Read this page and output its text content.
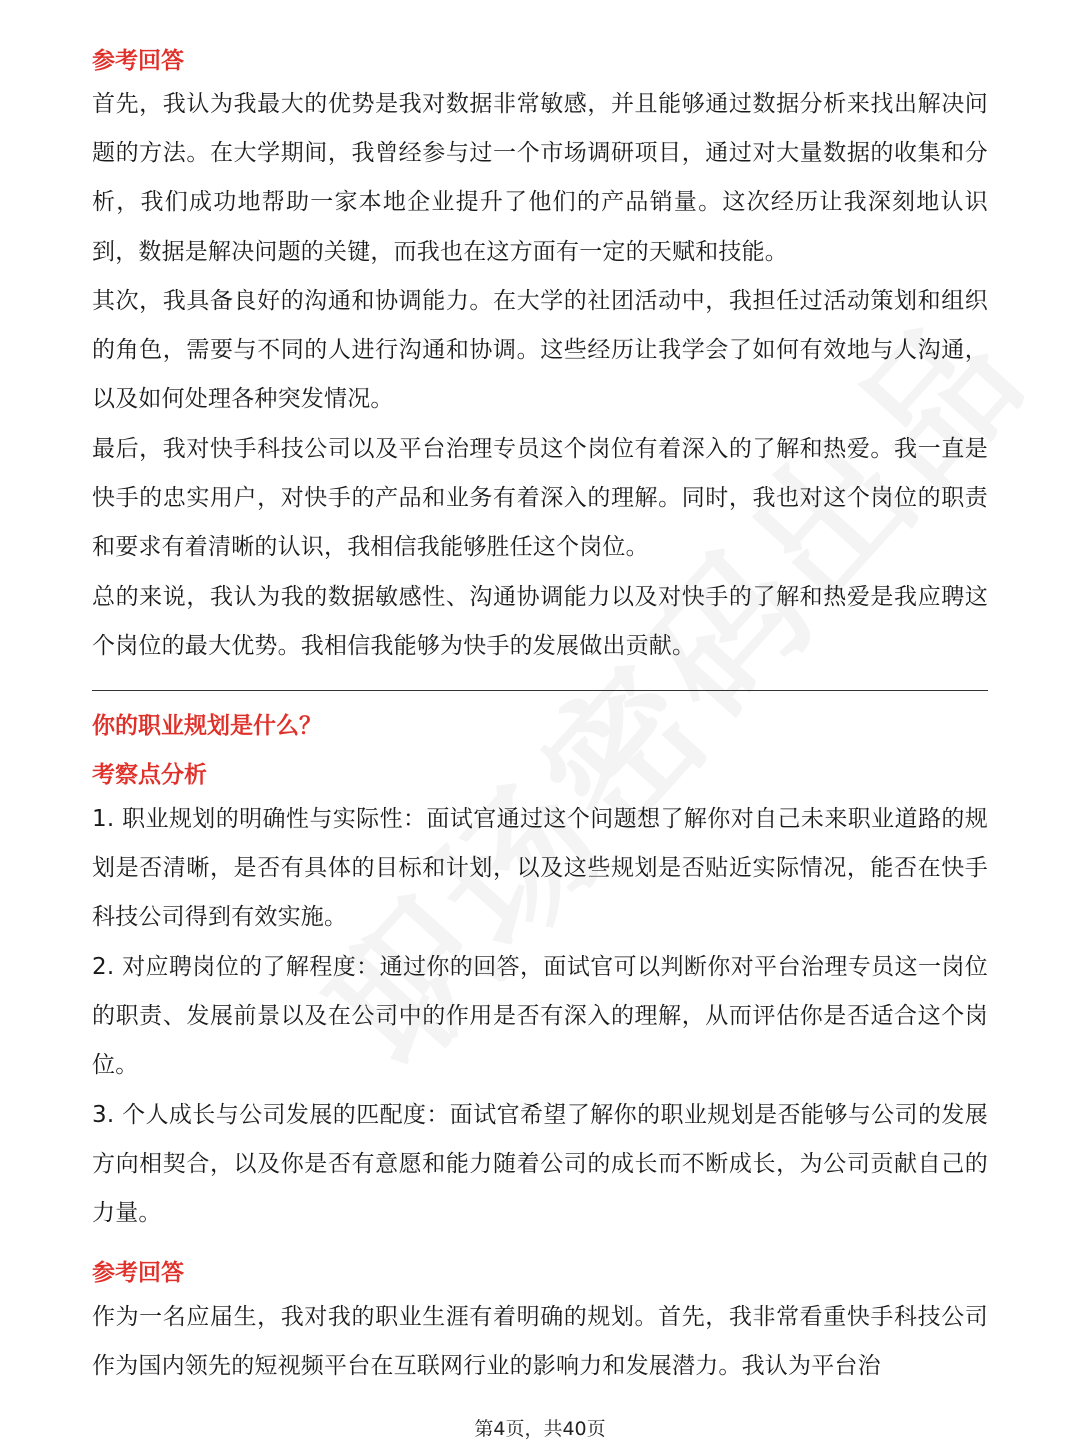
参考回答
首先，我认为我最大的优势是我对数据非常敏感，并且能够通过数据分析来找出解决问题的方法。在大学期间，我曾经参与过一个市场调研项目，通过对大量数据的收集和分析，我们成功地帮助一家本地企业提升了他们的产品销量。这次经历让我深刻地认识到，数据是解决问题的关键，而我也在这方面有一定的天赋和技能。
其次，我具备良好的沟通和协调能力。在大学的社团活动中，我担任过活动策划和组织的角色，需要与不同的人进行沟通和协调。这些经历让我学会了如何有效地与人沟通，以及如何处理各种突发情况。
最后，我对快手科技公司以及平台治理专员这个岗位有着深入的了解和热爱。我一直是快手的忠实用户，对快手的产品和业务有着深入的理解。同时，我也对这个岗位的职责和要求有着清晰的认识，我相信我能够胜任这个岗位。
总的来说，我认为我的数据敏感性、沟通协调能力以及对快手的了解和热爱是我应聘这个岗位的最大优势。我相信我能够为快手的发展做出贡献。
你的职业规划是什么？
考察点分析
1. 职业规划的明确性与实际性：面试官通过这个问题想了解你对自己未来职业道路的规划是否清晰，是否有具体的目标和计划，以及这些规划是否贴近实际情况，能否在快手科技公司得到有效实施。
2. 对应聘岗位的了解程度：通过你的回答，面试官可以判断你对平台治理专员这一岗位的职责、发展前景以及在公司中的作用是否有深入的理解，从而评估你是否适合这个岗位。
3. 个人成长与公司发展的匹配度：面试官希望了解你的职业规划是否能够与公司的发展方向相契合，以及你是否有意愿和能力随着公司的成长而不断成长，为公司贡献自己的力量。
参考回答
作为一名应届生，我对我的职业生涯有着明确的规划。首先，我非常看重快手科技公司作为国内领先的短视频平台在互联网行业的影响力和发展潜力。我认为平台治
第4页，共40页
